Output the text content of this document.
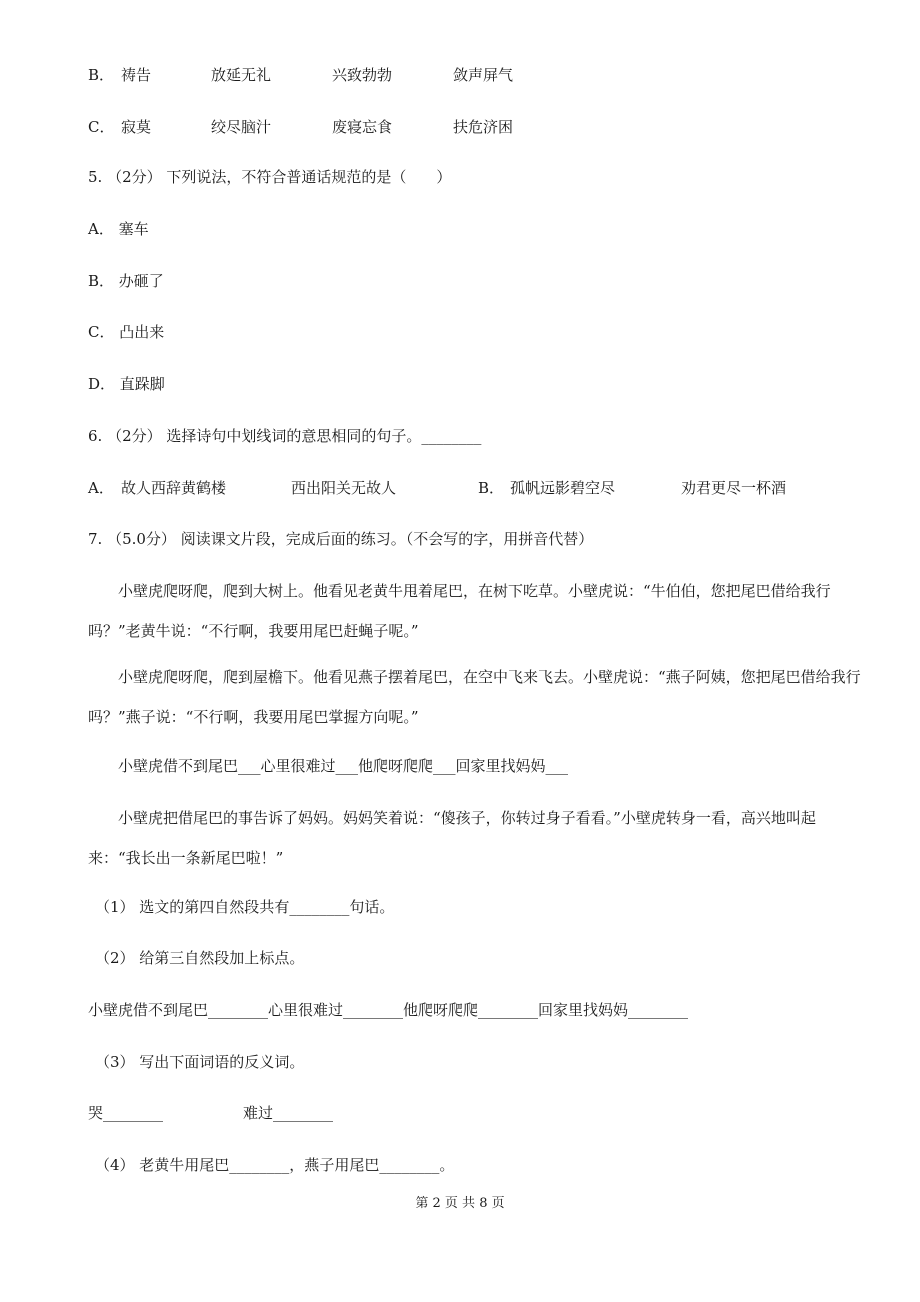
B． 祷告	放延无礼	兴致勃勃	敛声屏气
C． 寂莫	绞尽脑汁	废寝忘食	扶危济困
5. （2分） 下列说法，不符合普通话规范的是（　　）
A． 塞车
B． 办砸了
C． 凸出来
D． 直跺脚
6. （2分） 选择诗句中划线词的意思相同的句子。________
A． 故人西辞黄鹤楼	西出阳关无故人	B． 孤帆远影碧空尽	劝君更尽一杯酒
7. （5.0分） 阅读课文片段，完成后面的练习。（不会写的字，用拼音代替）
小壁虎爬呀爬，爬到大树上。他看见老黄牛甩着尾巴，在树下吃草。小壁虎说：“牛伯伯，您把尾巴借给我行吗？”老黄牛说：“不行啊，我要用尾巴赶蝇子呢。”
小壁虎爬呀爬，爬到屋檐下。他看见燕子摆着尾巴，在空中飞来飞去。小壁虎说：“燕子阿姨，您把尾巴借给我行吗？”燕子说：“不行啊，我要用尾巴掌握方向呢。”
小壁虎借不到尾巴___心里很难过___他爬呀爬爬___回家里找妈妈___
小壁虎把借尾巴的事告诉了妈妈。妈妈笑着说：“傻孩子，你转过身子看看。”小壁虎转身一看，高兴地叫起来：“我长出一条新尾巴啦！”
（1） 选文的第四自然段共有________句话。
（2） 给第三自然段加上标点。
小壁虎借不到尾巴________心里很难过________他爬呀爬爬________回家里找妈妈________
（3） 写出下面词语的反义词。
哭________	难过________
（4） 老黄牛用尾巴________，燕子用尾巴________。
第 2 页 共 8 页
